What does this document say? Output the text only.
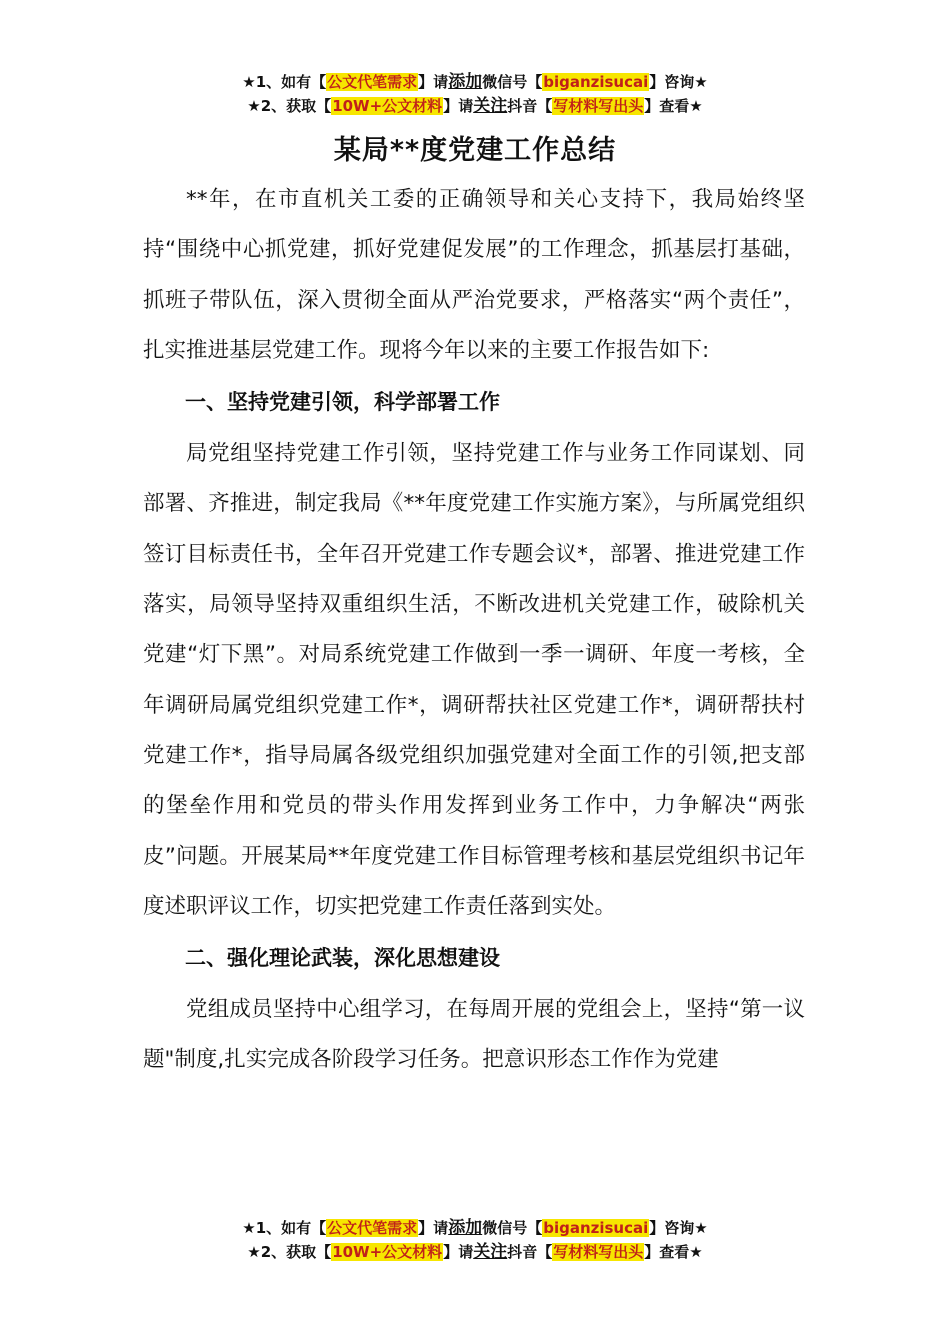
★1、如有【公文代笔需求】请添加微信号【biganzisucai】咨询★
★2、获取【10W+公文材料】请关注抖音【写材料写出头】查看★
某局**度党建工作总结

**年，在市直机关工委的正确领导和关心支持下，我局始终坚持“围绕中心抓党建，抓好党建促发展”的工作理念，抓基层打基础，抓班子带队伍，深入贯彻全面从严治党要求，严格落实“两个责任”，扎实推进基层党建工作。现将今年以来的主要工作报告如下:

一、坚持党建引领，科学部署工作

局党组坚持党建工作引领，坚持党建工作与业务工作同谋划、同部署、齐推进，制定我局《**年度党建工作实施方案》，与所属党组织签订目标责任书，全年召开党建工作专题会议*，部署、推进党建工作落实，局领导坚持双重组织生活，不断改进机关党建工作，破除机关党建“灯下黑”。对局系统党建工作做到一季一调研、年度一考核，全年调研局属党组织党建工作*，调研帮扶社区党建工作*，调研帮扶村党建工作*，指导局属各级党组织加强党建对全面工作的引领,把支部的堡垒作用和党员的带头作用发挥到业务工作中，力争解决“两张皮”问题。开展某局**年度党建工作目标管理考核和基层党组织书记年度述职评议工作，切实把党建工作责任落到实处。

二、强化理论武装，深化思想建设

党组成员坚持中心组学习，在每周开展的党组会上，坚持“第一议题"制度,扎实完成各阶段学习任务。把意识形态工作作为党建

★1、如有【公文代笔需求】请添加微信号【biganzisucai】咨询★
★2、获取【10W+公文材料】请关注抖音【写材料写出头】查看★
